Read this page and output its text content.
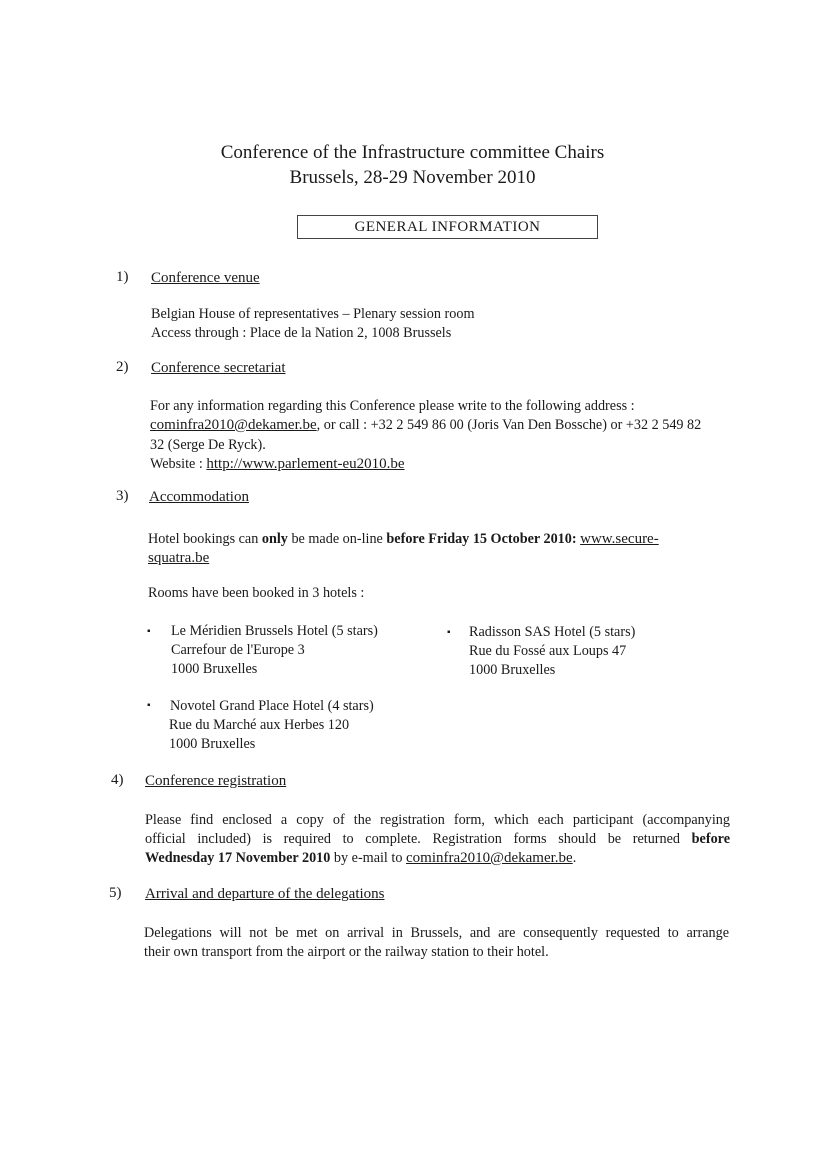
Conference of the Infrastructure committee Chairs
Brussels, 28-29 November 2010
GENERAL INFORMATION
1) Conference venue
Belgian House of representatives – Plenary session room
Access through : Place de la Nation 2, 1008 Brussels
2) Conference secretariat
For any information regarding this Conference please write to the following address :
cominfra2010@dekamer.be, or call : +32 2 549 86 00 (Joris Van Den Bossche) or +32 2 549 82
32 (Serge De Ryck).
Website : http://www.parlement-eu2010.be
3) Accommodation
Hotel bookings can only be made on-line before Friday 15 October 2010: www.secure-
squatra.be
Rooms have been booked in 3 hotels :
▪ Le Méridien Brussels Hotel (5 stars)
Carrefour de l'Europe 3
1000 Bruxelles
▪ Radisson SAS Hotel (5 stars)
Rue du Fossé aux Loups 47
1000 Bruxelles
▪ Novotel Grand Place Hotel (4 stars)
Rue du Marché aux Herbes 120
1000 Bruxelles
4) Conference registration
Please find enclosed a copy of the registration form, which each participant (accompanying
official included) is required to complete. Registration forms should be returned before
Wednesday 17 November 2010 by e-mail to cominfra2010@dekamer.be.
5) Arrival and departure of the delegations
Delegations will not be met on arrival in Brussels, and are consequently requested to arrange
their own transport from the airport or the railway station to their hotel.
